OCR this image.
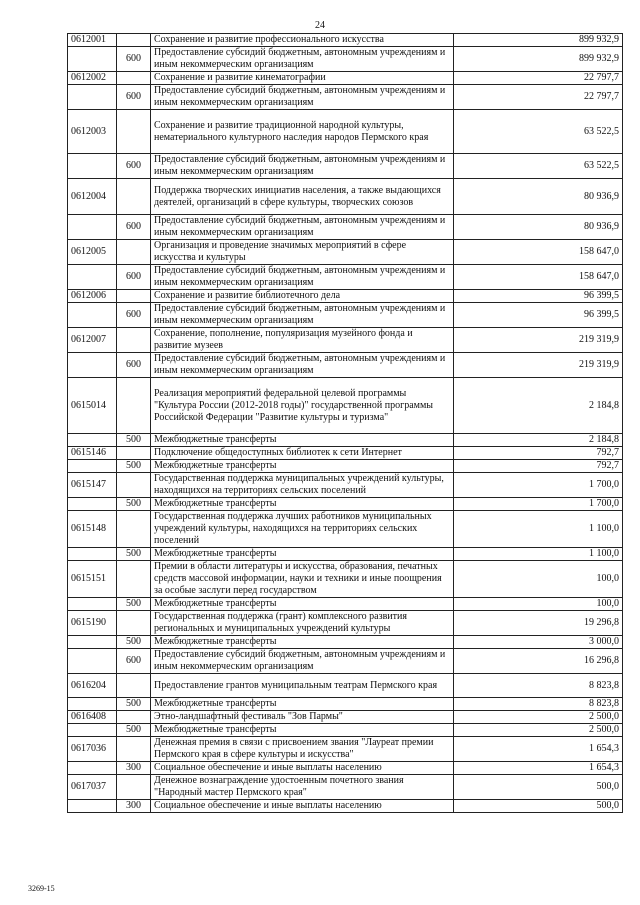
24
0612001		Сохранение и развитие профессионального искусства	899 932,9
	600	Предоставление субсидий бюджетным, автономным учреждениям и иным некоммерческим организациям	899 932,9
0612002		Сохранение и развитие кинематографии	22 797,7
	600	Предоставление субсидий бюджетным, автономным учреждениям и иным некоммерческим организациям	22 797,7
0612003		Сохранение и развитие традиционной народной культуры, нематериального культурного наследия народов Пермского края	63 522,5
	600	Предоставление субсидий бюджетным, автономным учреждениям и иным некоммерческим организациям	63 522,5
0612004		Поддержка творческих инициатив населения, а также выдающихся деятелей, организаций в сфере культуры, творческих союзов	80 936,9
	600	Предоставление субсидий бюджетным, автономным учреждениям и иным некоммерческим организациям	80 936,9
0612005		Организация и проведение значимых мероприятий в сфере искусства и культуры	158 647,0
	600	Предоставление субсидий бюджетным, автономным учреждениям и иным некоммерческим организациям	158 647,0
0612006		Сохранение и развитие библиотечного дела	96 399,5
	600	Предоставление субсидий бюджетным, автономным учреждениям и иным некоммерческим организациям	96 399,5
0612007		Сохранение, пополнение, популяризация музейного фонда и развитие музеев	219 319,9
	600	Предоставление субсидий бюджетным, автономным учреждениям и иным некоммерческим организациям	219 319,9
0615014		Реализация мероприятий федеральной целевой программы "Культура России (2012-2018 годы)" государственной программы Российской Федерации "Развитие культуры и туризма"	2 184,8
	500	Межбюджетные трансферты	2 184,8
0615146		Подключение общедоступных библиотек к сети Интернет	792,7
	500	Межбюджетные трансферты	792,7
0615147		Государственная поддержка муниципальных учреждений культуры, находящихся на территориях сельских поселений	1 700,0
	500	Межбюджетные трансферты	1 700,0
0615148		Государственная поддержка лучших работников муниципальных учреждений культуры, находящихся на территориях сельских поселений	1 100,0
	500	Межбюджетные трансферты	1 100,0
0615151		Премии в области литературы и искусства, образования, печатных средств массовой информации, науки и техники и иные поощрения за особые заслуги перед государством	100,0
	500	Межбюджетные трансферты	100,0
0615190		Государственная поддержка (грант) комплексного развития региональных и муниципальных учреждений культуры	19 296,8
	500	Межбюджетные трансферты	3 000,0
	600	Предоставление субсидий бюджетным, автономным учреждениям и иным некоммерческим организациям	16 296,8
0616204		Предоставление грантов муниципальным театрам Пермского края	8 823,8
	500	Межбюджетные трансферты	8 823,8
0616408		Этно-ландшафтный фестиваль "Зов Пармы"	2 500,0
	500	Межбюджетные трансферты	2 500,0
0617036		Денежная премия в связи с присвоением звания "Лауреат премии Пермского края в сфере культуры и искусства"	1 654,3
	300	Социальное обеспечение и иные выплаты населению	1 654,3
0617037		Денежное вознаграждение удостоенным почетного звания "Народный мастер Пермского края"	500,0
	300	Социальное обеспечение и иные выплаты населению	500,0
3269-15
